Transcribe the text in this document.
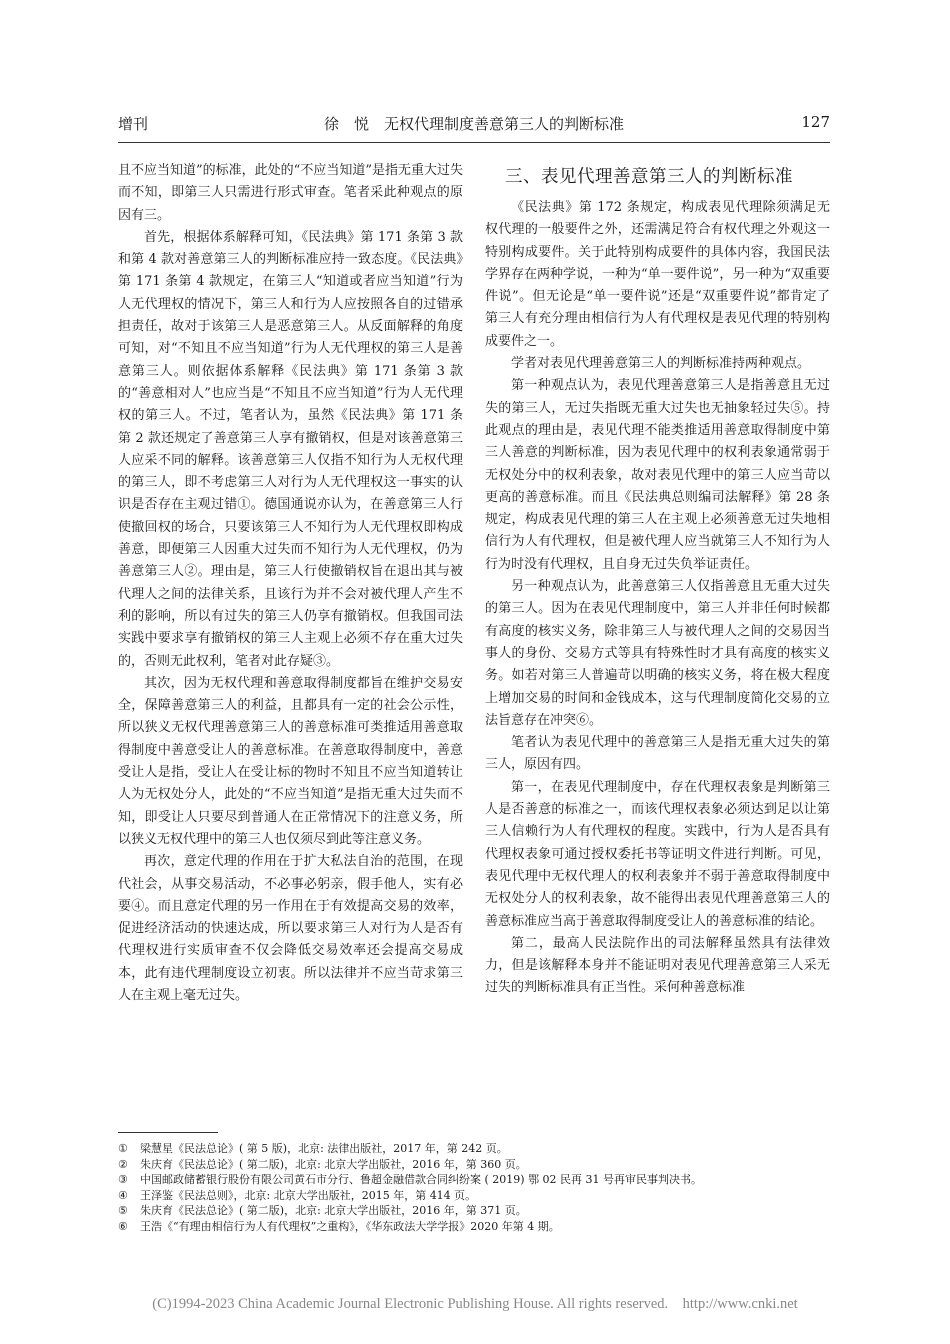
增刊	徐　悦　无权代理制度善意第三人的判断标准	127

且不应当知道”的标准，此处的“不应当知道”是指无重大过失而不知，即第三人只需进行形式审查。笔者采此种观点的原因有三。

首先，根据体系解释可知，《民法典》第 171 条第 3 款和第 4 款对善意第三人的判断标准应持一致态度。《民法典》第 171 条第 4 款规定，在第三人“知道或者应当知道”行为人无代理权的情况下，第三人和行为人应按照各自的过错承担责任，故对于该第三人是恶意第三人。从反面解释的角度可知，对“不知且不应当知道”行为人无代理权的第三人是善意第三人。则依据体系解释《民法典》第 171 条第 3 款的“善意相对人”也应当是“不知且不应当知道”行为人无代理权的第三人。不过，笔者认为，虽然《民法典》第 171 条第 2 款还规定了善意第三人享有撤销权，但是对该善意第三人应采不同的解释。该善意第三人仅指不知行为人无权代理的第三人，即不考虑第三人对行为人无代理权这一事实的认识是否存在主观过错①。德国通说亦认为，在善意第三人行使撤回权的场合，只要该第三人不知行为人无代理权即构成善意，即便第三人因重大过失而不知行为人无代理权，仍为善意第三人②。理由是，第三人行使撤销权旨在退出其与被代理人之间的法律关系，且该行为并不会对被代理人产生不利的影响，所以有过失的第三人仍享有撤销权。但我国司法实践中要求享有撤销权的第三人主观上必须不存在重大过失的，否则无此权利，笔者对此存疑③。

其次，因为无权代理和善意取得制度都旨在维护交易安全，保障善意第三人的利益，且都具有一定的社会公示性，所以狭义无权代理善意第三人的善意标准可类推适用善意取得制度中善意受让人的善意标准。在善意取得制度中，善意受让人是指，受让人在受让标的物时不知且不应当知道转让人为无权处分人，此处的“不应当知道”是指无重大过失而不知，即受让人只要尽到普通人在正常情况下的注意义务，所以狭义无权代理中的第三人也仅须尽到此等注意义务。

再次，意定代理的作用在于扩大私法自治的范围，在现代社会，从事交易活动，不必事必躬亲，假手他人，实有必要④。而且意定代理的另一作用在于有效提高交易的效率，促进经济活动的快速达成，所以要求第三人对行为人是否有代理权进行实质审查不仅会降低交易效率还会提高交易成本，此有违代理制度设立初衷。所以法律并不应当苛求第三人在主观上毫无过失。

三、表见代理善意第三人的判断标准

《民法典》第 172 条规定，构成表见代理除须满足无权代理的一般要件之外，还需满足符合有权代理之外观这一特别构成要件。关于此特别构成要件的具体内容，我国民法学界存在两种学说，一种为“单一要件说”，另一种为“双重要件说”。但无论是“单一要件说”还是“双重要件说”都肯定了第三人有充分理由相信行为人有代理权是表见代理的特别构成要件之一。

学者对表见代理善意第三人的判断标准持两种观点。

第一种观点认为，表见代理善意第三人是指善意且无过失的第三人，无过失指既无重大过失也无抽象轻过失⑤。持此观点的理由是，表见代理不能类推适用善意取得制度中第三人善意的判断标准，因为表见代理中的权利表象通常弱于无权处分中的权利表象，故对表见代理中的第三人应当苛以更高的善意标准。而且《民法典总则编司法解释》第 28 条规定，构成表见代理的第三人在主观上必须善意无过失地相信行为人有代理权，但是被代理人应当就第三人不知行为人行为时没有代理权，且自身无过失负举证责任。

另一种观点认为，此善意第三人仅指善意且无重大过失的第三人。因为在表见代理制度中，第三人并非任何时候都有高度的核实义务，除非第三人与被代理人之间的交易因当事人的身份、交易方式等具有特殊性时才具有高度的核实义务。如若对第三人普遍苛以明确的核实义务，将在极大程度上增加交易的时间和金钱成本，这与代理制度简化交易的立法旨意存在冲突⑥。

笔者认为表见代理中的善意第三人是指无重大过失的第三人，原因有四。

第一，在表见代理制度中，存在代理权表象是判断第三人是否善意的标准之一，而该代理权表象必须达到足以让第三人信赖行为人有代理权的程度。实践中，行为人是否具有代理权表象可通过授权委托书等证明文件进行判断。可见，表见代理中无权代理人的权利表象并不弱于善意取得制度中无权处分人的权利表象，故不能得出表见代理善意第三人的善意标准应当高于善意取得制度受让人的善意标准的结论。

第二，最高人民法院作出的司法解释虽然具有法律效力，但是该解释本身并不能证明对表见代理善意第三人采无过失的判断标准具有正当性。采何种善意标准

①	梁慧星《民法总论》( 第 5 版)，北京: 法律出版社，2017 年，第 242 页。
②	朱庆育《民法总论》( 第二版)，北京: 北京大学出版社，2016 年，第 360 页。
③	中国邮政储蓄银行股份有限公司黄石市分行、鲁超金融借款合同纠纷案 ( 2019) 鄂 02 民再 31 号再审民事判决书。
④	王泽鉴《民法总则》，北京: 北京大学出版社，2015 年，第 414 页。
⑤	朱庆育《民法总论》( 第二版)，北京: 北京大学出版社，2016 年，第 371 页。
⑥	王浩《“有理由相信行为人有代理权”之重构》，《华东政法大学学报》2020 年第 4 期。
(C)1994-2023 China Academic Journal Electronic Publishing House. All rights reserved.    http://www.cnki.net
